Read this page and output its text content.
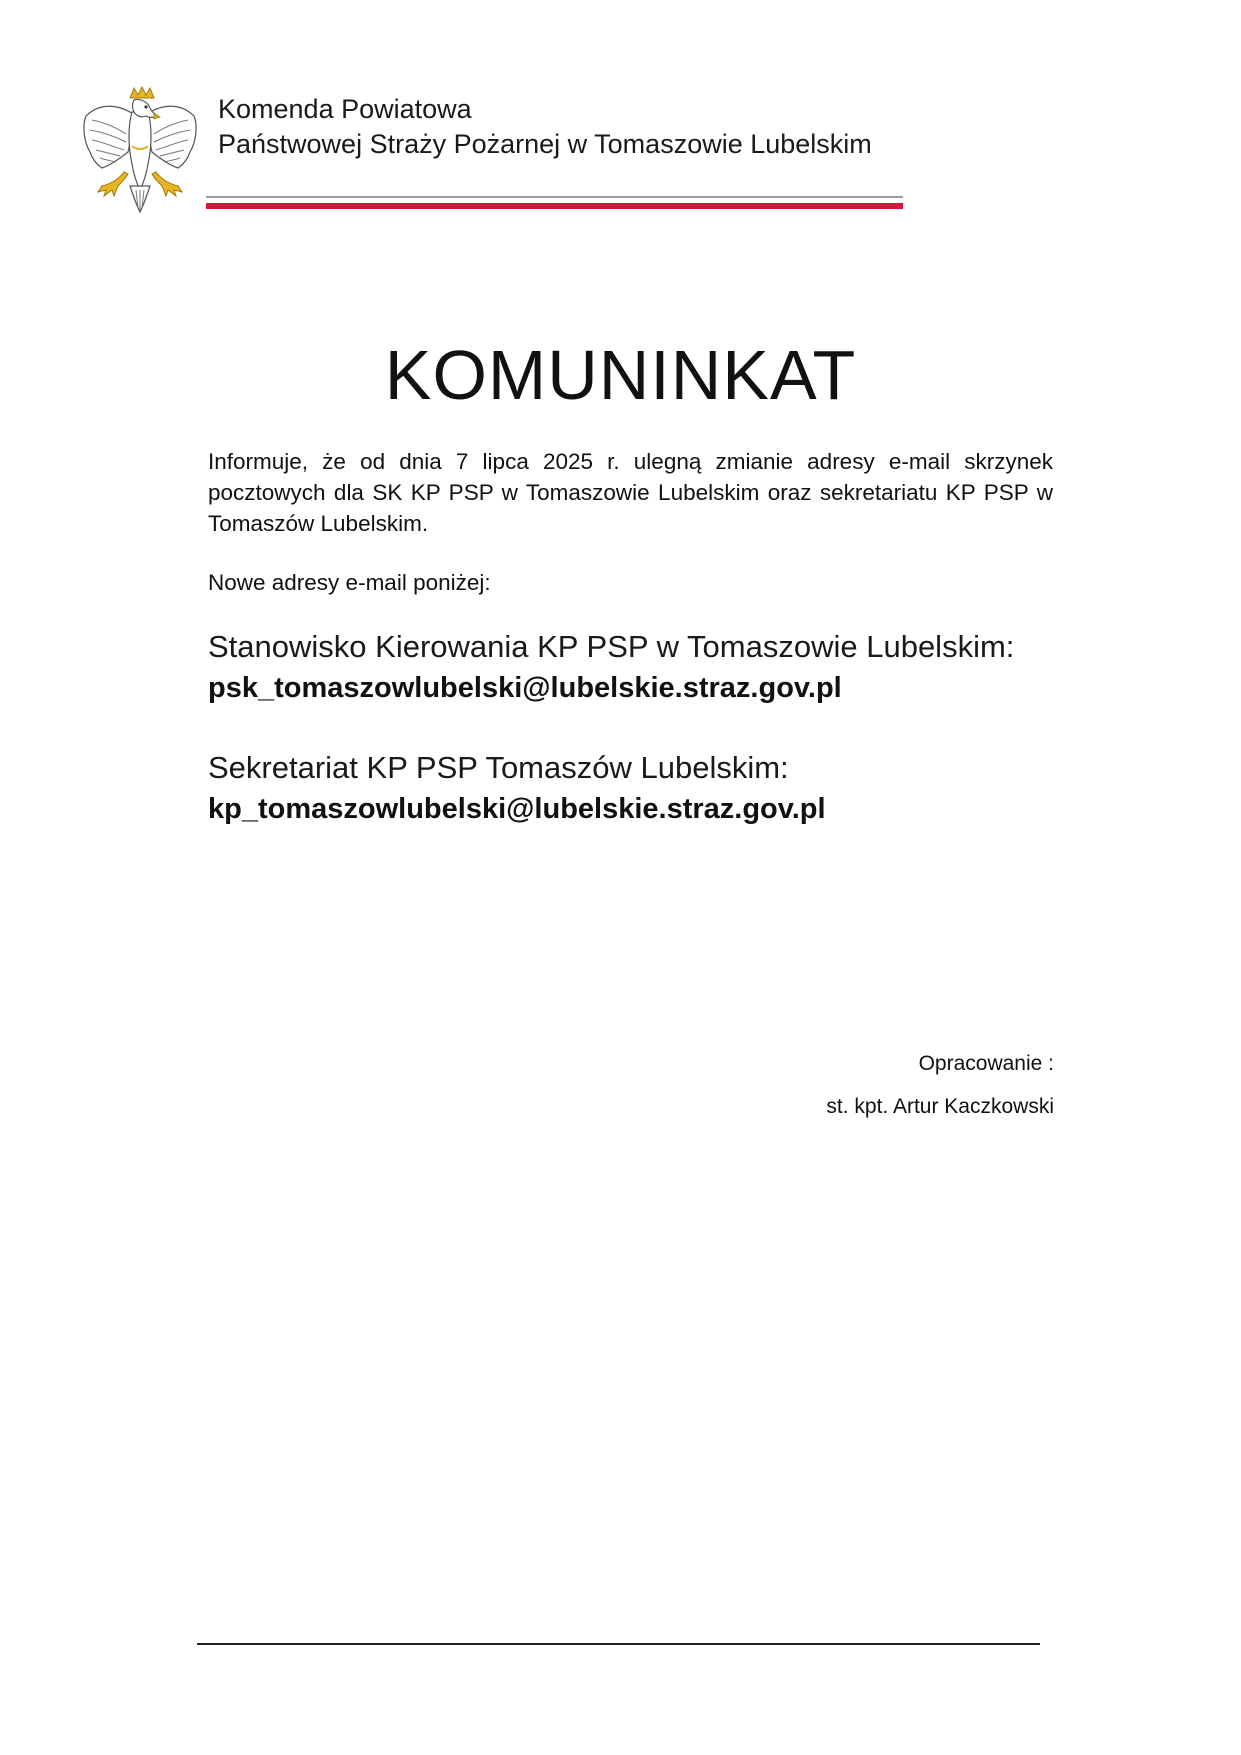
Komenda Powiatowa
Państwowej Straży Pożarnej w Tomaszowie Lubelskim
KOMUNINKAT

Informuje, że od dnia 7 lipca 2025 r. ulegną zmianie adresy e-mail skrzynek pocztowych dla SK KP PSP w Tomaszowie Lubelskim oraz sekretariatu KP PSP w Tomaszów Lubelskim.

Nowe adresy e-mail poniżej:
Stanowisko Kierowania KP PSP w Tomaszowie Lubelskim:
psk_tomaszowlubelski@lubelskie.straz.gov.pl
Sekretariat KP PSP Tomaszów Lubelskim:
kp_tomaszowlubelski@lubelskie.straz.gov.pl
Opracowanie :
st. kpt. Artur Kaczkowski
